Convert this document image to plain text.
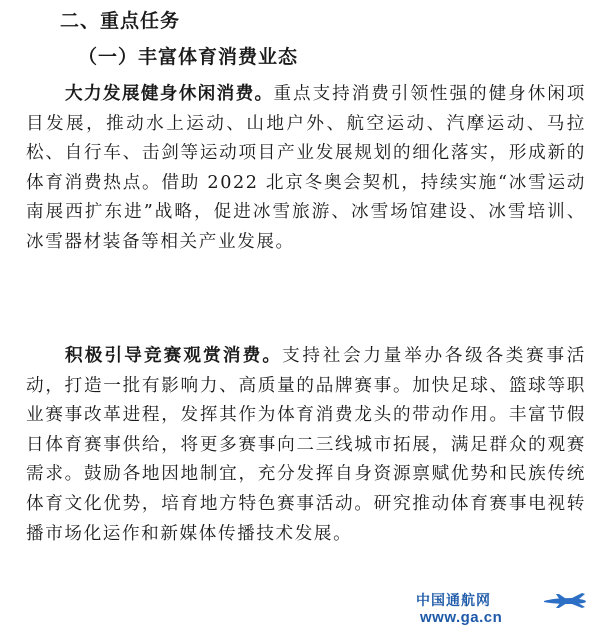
二、重点任务
（一）丰富体育消费业态

大力发展健身休闲消费。重点支持消费引领性强的健身休闲项目发展，推动水上运动、山地户外、航空运动、汽摩运动、马拉松、自行车、击剑等运动项目产业发展规划的细化落实，形成新的体育消费热点。借助 2022 北京冬奥会契机，持续实施“冰雪运动南展西扩东进”战略，促进冰雪旅游、冰雪场馆建设、冰雪培训、冰雪器材装备等相关产业发展。

积极引导竞赛观赏消费。支持社会力量举办各级各类赛事活动，打造一批有影响力、高质量的品牌赛事。加快足球、篮球等职业赛事改革进程，发挥其作为体育消费龙头的带动作用。丰富节假日体育赛事供给，将更多赛事向二三线城市拓展，满足群众的观赛需求。鼓励各地因地制宜，充分发挥自身资源禀赋优势和民族传统体育文化优势，培育地方特色赛事活动。研究推动体育赛事电视转播市场化运作和新媒体传播技术发展。

中国通航网
www.ga.cn
